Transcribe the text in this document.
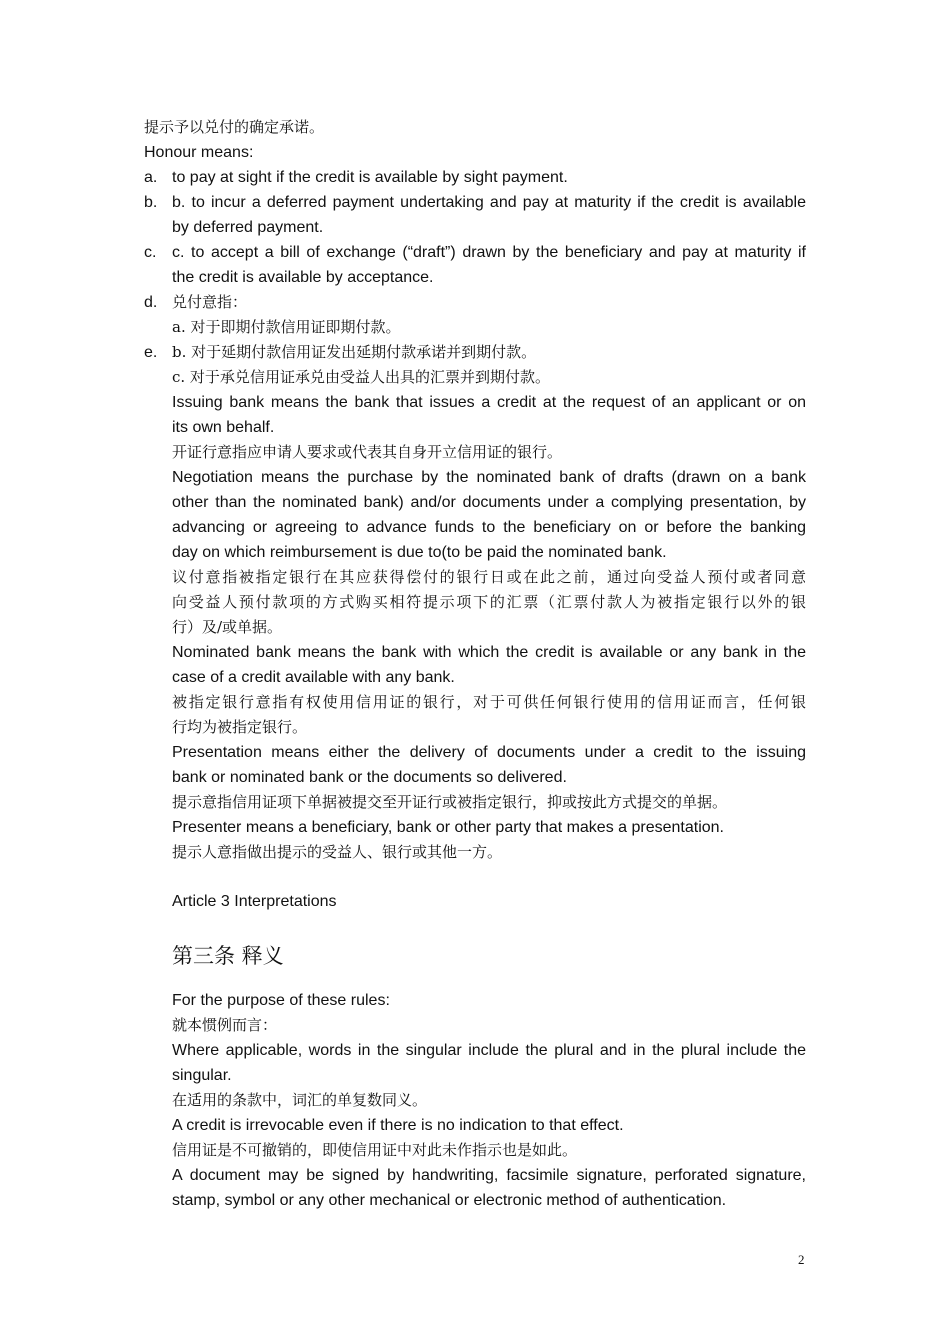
提示予以兑付的确定承诺。
Honour means:
a. to pay at sight if the credit is available by sight payment.
b. b. to incur a deferred payment undertaking and pay at maturity if the credit is available
by deferred payment.
c. c. to accept a bill of exchange (“draft”) drawn by the beneficiary and pay at maturity if
the credit is available by acceptance.
d. 兑付意指：
a. 对于即期付款信用证即期付款。
e. b. 对于延期付款信用证发出延期付款承诺并到期付款。
c. 对于承兑信用证承兑由受益人出具的汇票并到期付款。
Issuing bank means the bank that issues a credit at the request of an applicant or on
its own behalf.
开证行意指应申请人要求或代表其自身开立信用证的银行。
Negotiation means the purchase by the nominated bank of drafts (drawn on a bank
other than the nominated bank) and/or documents under a complying presentation, by
advancing or agreeing to advance funds to the beneficiary on or before the banking
day on which reimbursement is due to(to be paid the nominated bank.
议付意指被指定银行在其应获得偿付的银行日或在此之前，通过向受益人预付或者同意
向受益人预付款项的方式购买相符提示项下的汇票（汇票付款人为被指定银行以外的银
行）及/或单据。
Nominated bank means the bank with which the credit is available or any bank in the
case of a credit available with any bank.
被指定银行意指有权使用信用证的银行，对于可供任何银行使用的信用证而言，任何银
行均为被指定银行。
Presentation means either the delivery of documents under a credit to the issuing
bank or nominated bank or the documents so delivered.
提示意指信用证项下单据被提交至开证行或被指定银行，抑或按此方式提交的单据。
Presenter means a beneficiary, bank or other party that makes a presentation.
提示人意指做出提示的受益人、银行或其他一方。
Article 3 Interpretations
第三条 释义
For the purpose of these rules:
就本惯例而言：
Where applicable, words in the singular include the plural and in the plural include the
singular.
在适用的条款中，词汇的单复数同义。
A credit is irrevocable even if there is no indication to that effect.
信用证是不可撤销的，即使信用证中对此未作指示也是如此。
A document may be signed by handwriting, facsimile signature, perforated signature,
stamp, symbol or any other mechanical or electronic method of authentication.
2
